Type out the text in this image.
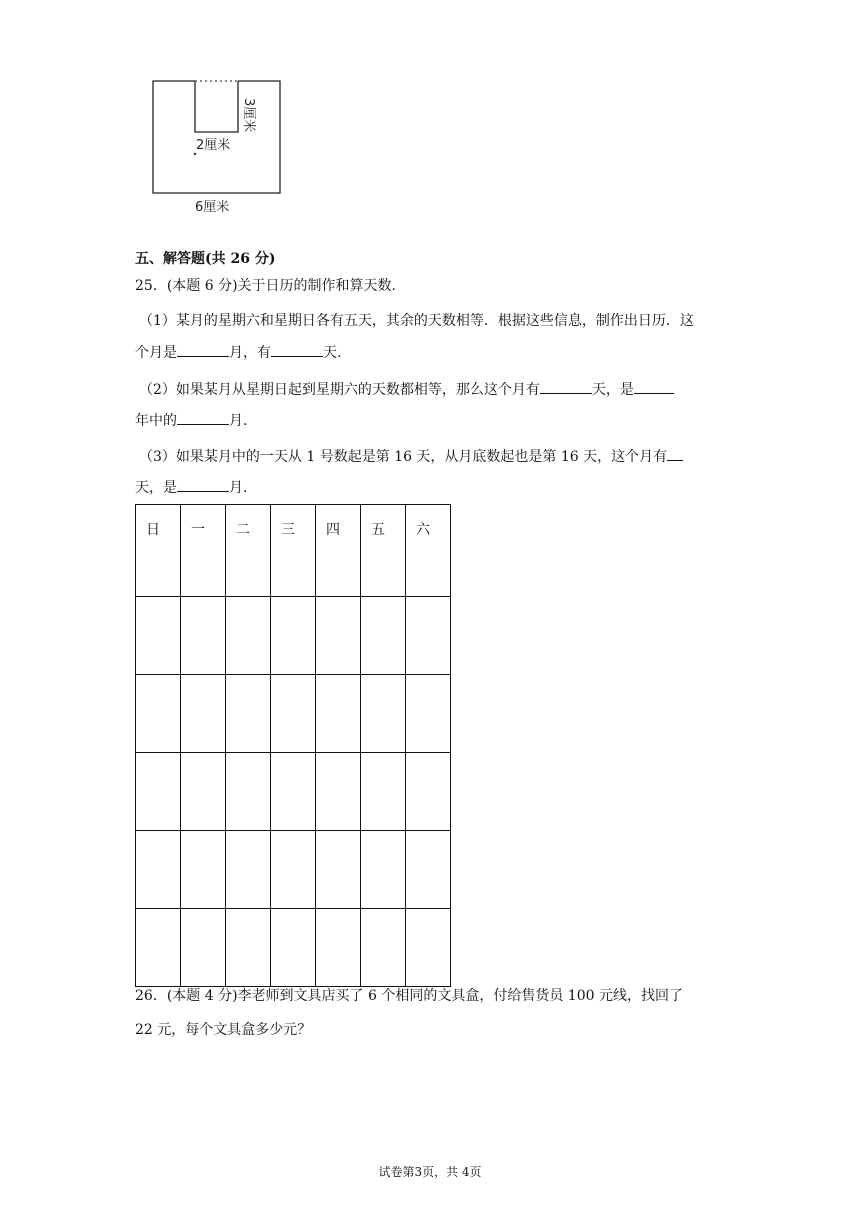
3厘米
2厘米
6厘米
五、解答题(共 26 分)
25．(本题 6 分)关于日历的制作和算天数.
（1）某月的星期六和星期日各有五天，其余的天数相等．根据这些信息，制作出日历．这
个月是	月，有	天.
（2）如果某月从星期日起到星期六的天数都相等，那么这个月有	天，是
年中的	月.
（3）如果某月中的一天从 1 号数起是第 16 天，从月底数起也是第 16 天，这个月有
天，是	月.
日	一	二	三	四	五	六

26．(本题 4 分)李老师到文具店买了 6 个相同的文具盒，付给售货员 100 元线，找回了
22 元，每个文具盒多少元？
试卷第3页，共 4页
